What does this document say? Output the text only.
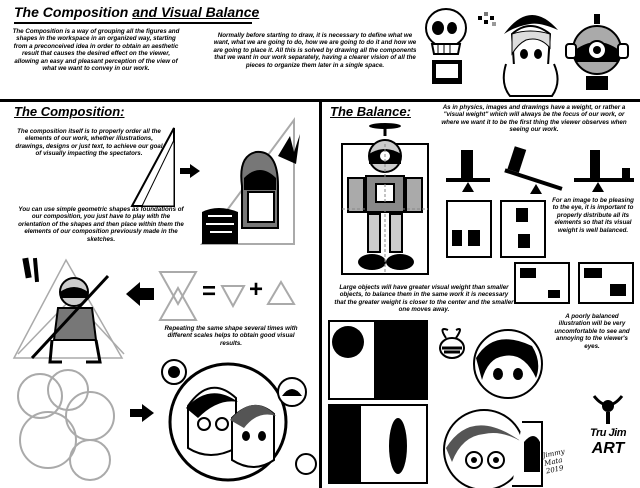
The Composition and Visual Balance
The Composition is a way of grouping all the figures and shapes in the workspace in an organized way, starting from a preconceived idea in order to obtain an aesthetic result that causes the desired effect on the viewer, allowing an easy and pleasant perception of the view of what we want to convey in our work.
Normally before starting to draw, it is necessary to define what we want, what we are going to do, how we are going to do it and how we are going to place it. All this is solved by drawing all the components that we want in our work separately, having a clearer vision of all the pieces to organize them later in a single space.
The Composition:
The composition itself is to properly order all the elements of our work, whether illustrations, drawings, designs or just text, to achieve our goal of visually impacting the spectators.
You can use simple geometric shapes as foundations of our composition, you just have to play with the orientation of the shapes and then place within them the elements of our composition previously made in the sketches.
= +
Repeating the same shape several times with different scales helps to obtain good visual results.
The Balance:	As in physics, images and drawings have a weight, or rather a "visual weight" which will always be the focus of our work, or where we want it to be the first thing the viewer observes when seeing our work.
For an image to be pleasing to the eye, it is important to properly distribute all its elements so that its visual weight is well balanced.
Large objects will have greater visual weight than smaller objects, to balance them in the same work it is necessary that the greater weight is closer to the center and the smaller one moves away.
A poorly balanced illustration will be very uncomfortable to see and annoying to the viewer's eyes.
Jimmy Mata 2019
Tru Jim
ART
